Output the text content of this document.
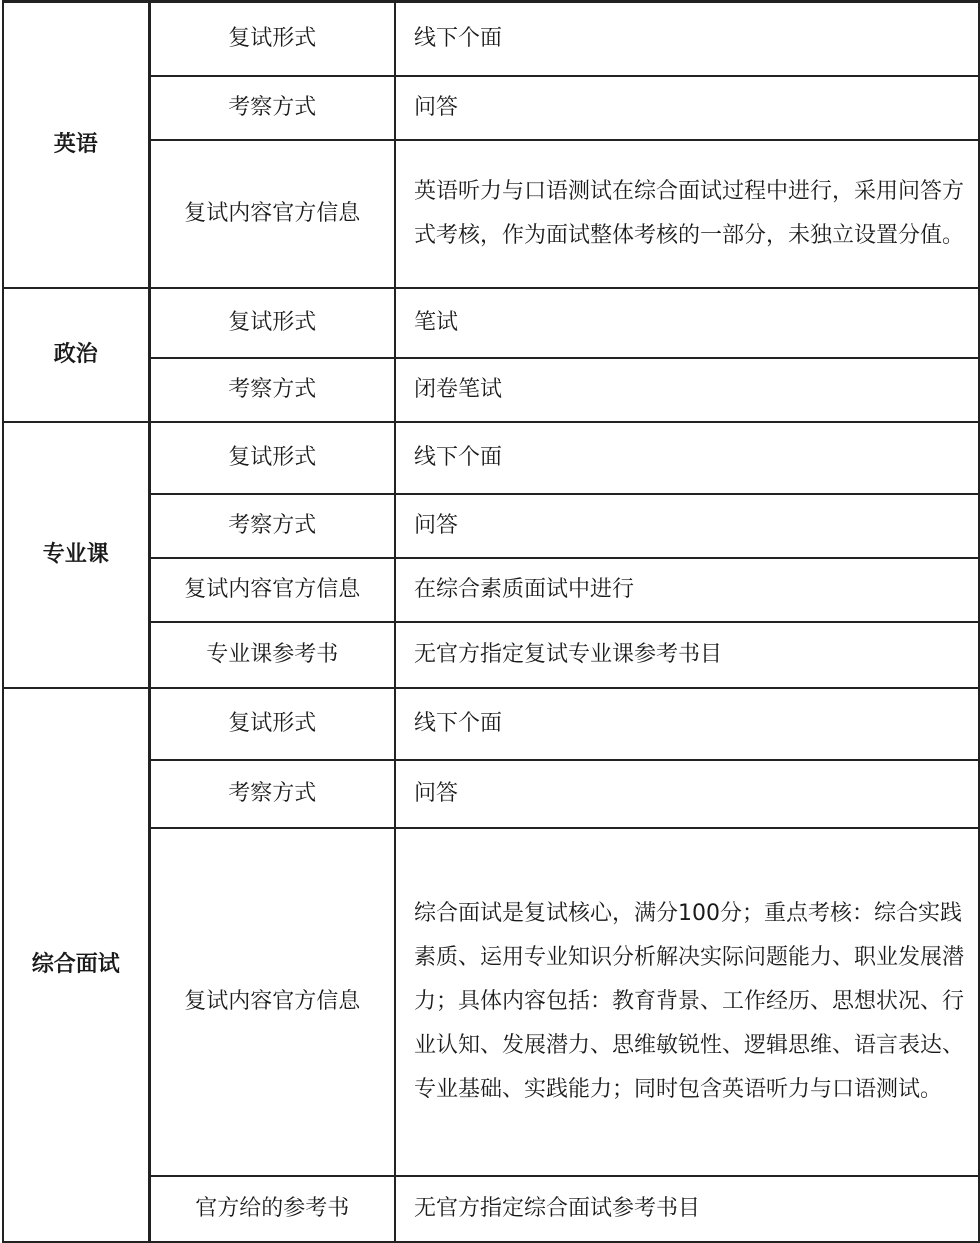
英语	复试形式	线下个面
	考察方式	问答
	复试内容官方信息	英语听力与口语测试在综合面试过程中进行，采用问答方式考核，作为面试整体考核的一部分，未独立设置分值。
政治	复试形式	笔试
	考察方式	闭卷笔试
专业课	复试形式	线下个面
	考察方式	问答
	复试内容官方信息	在综合素质面试中进行
	专业课参考书	无官方指定复试专业课参考书目
综合面试	复试形式	线下个面
	考察方式	问答
	复试内容官方信息	综合面试是复试核心，满分100分；重点考核：综合实践素质、运用专业知识分析解决实际问题能力、职业发展潜力；具体内容包括：教育背景、工作经历、思想状况、行业认知、发展潜力、思维敏锐性、逻辑思维、语言表达、专业基础、实践能力；同时包含英语听力与口语测试。
	官方给的参考书	无官方指定综合面试参考书目
